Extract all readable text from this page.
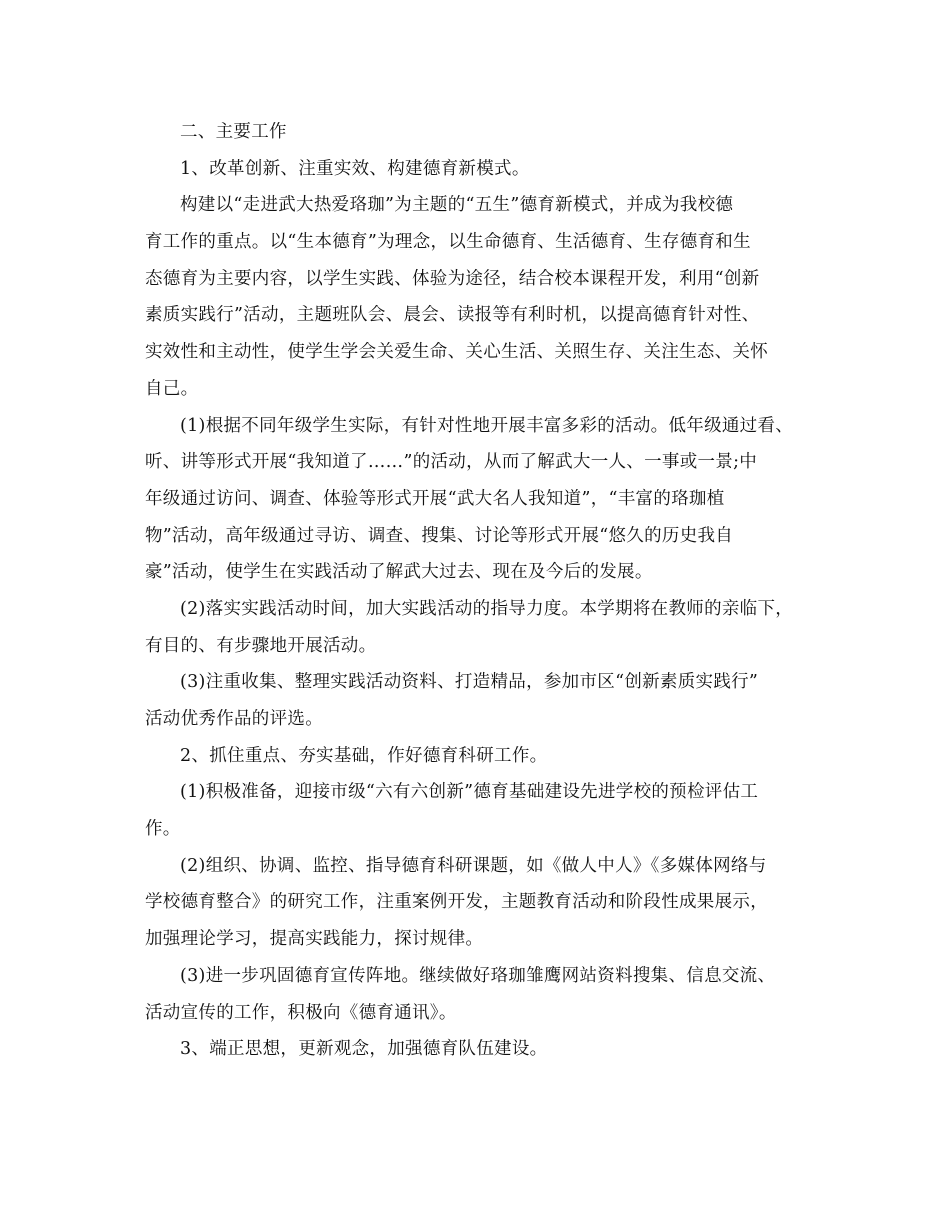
二、主要工作
1、改革创新、注重实效、构建德育新模式。
构建以“走进武大热爱珞珈”为主题的“五生”德育新模式，并成为我校德
育工作的重点。以“生本德育”为理念，以生命德育、生活德育、生存德育和生
态德育为主要内容，以学生实践、体验为途径，结合校本课程开发，利用“创新
素质实践行”活动，主题班队会、晨会、读报等有利时机，以提高德育针对性、
实效性和主动性，使学生学会关爱生命、关心生活、关照生存、关注生态、关怀
自己。
(1)根据不同年级学生实际，有针对性地开展丰富多彩的活动。低年级通过看、
听、讲等形式开展“我知道了……”的活动，从而了解武大一人、一事或一景;中
年级通过访问、调查、体验等形式开展“武大名人我知道”，“丰富的珞珈植
物”活动，高年级通过寻访、调查、搜集、讨论等形式开展“悠久的历史我自
豪”活动，使学生在实践活动了解武大过去、现在及今后的发展。
(2)落实实践活动时间，加大实践活动的指导力度。本学期将在教师的亲临下，
有目的、有步骤地开展活动。
(3)注重收集、整理实践活动资料、打造精品，参加市区“创新素质实践行”
活动优秀作品的评选。
2、抓住重点、夯实基础，作好德育科研工作。
(1)积极准备，迎接市级“六有六创新”德育基础建设先进学校的预检评估工
作。
(2)组织、协调、监控、指导德育科研课题，如《做人中人》《多媒体网络与
学校德育整合》的研究工作，注重案例开发，主题教育活动和阶段性成果展示，
加强理论学习，提高实践能力，探讨规律。
(3)进一步巩固德育宣传阵地。继续做好珞珈雏鹰网站资料搜集、信息交流、
活动宣传的工作，积极向《德育通讯》。
3、端正思想，更新观念，加强德育队伍建设。
